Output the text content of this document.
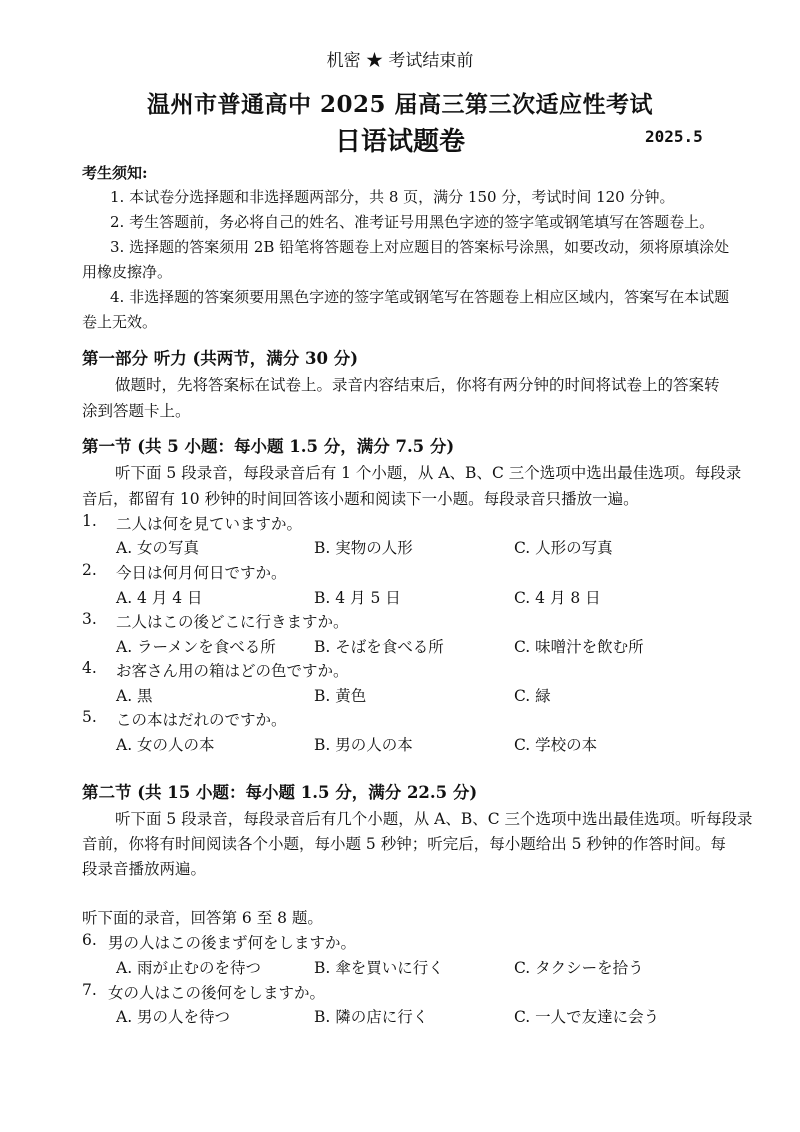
机密 ★ 考试结束前
温州市普通高中 2025 届高三第三次适应性考试
日语试题卷	2025.5
考生须知:
1. 本试卷分选择题和非选择题两部分，共 8 页，满分 150 分，考试时间 120 分钟。
2. 考生答题前，务必将自己的姓名、准考证号用黑色字迹的签字笔或钢笔填写在答题卷上。
3. 选择题的答案须用 2B 铅笔将答题卷上对应题目的答案标号涂黑，如要改动，须将原填涂处
用橡皮擦净。
4. 非选择题的答案须要用黑色字迹的签字笔或钢笔写在答题卷上相应区域内，答案写在本试题
卷上无效。
第一部分 听力 (共两节，满分 30 分)
做题时，先将答案标在试卷上。录音内容结束后，你将有两分钟的时间将试卷上的答案转
涂到答题卡上。
第一节 (共 5 小题：每小题 1.5 分，满分 7.5 分)
听下面 5 段录音，每段录音后有 1 个小题，从 A、B、C 三个选项中选出最佳选项。每段录
音后，都留有 10 秒钟的时间回答该小题和阅读下一小题。每段录音只播放一遍。
1. 二人は何を見ていますか。
A. 女の写真	B. 実物の人形	C. 人形の写真
2. 今日は何月何日ですか。
A. 4 月 4 日	B. 4 月 5 日	C. 4 月 8 日
3. 二人はこの後どこに行きますか。
A. ラーメンを食べる所 B. そばを食べる所	C. 味噌汁を飲む所
4. お客さん用の箱はどの色ですか。
A. 黒	B. 黄色	C. 緑
5. この本はだれのですか。
A. 女の人の本	B. 男の人の本	C. 学校の本
第二节 (共 15 小题：每小题 1.5 分，满分 22.5 分)
听下面 5 段录音，每段录音后有几个小题，从 A、B、C 三个选项中选出最佳选项。听每段录
音前，你将有时间阅读各个小题，每小题 5 秒钟；听完后，每小题给出 5 秒钟的作答时间。每
段录音播放两遍。
听下面的录音，回答第 6 至 8 题。
6. 男の人はこの後まず何をしますか。
A. 雨が止むのを待つ	B. 傘を買いに行く	C. タクシーを拾う
7. 女の人はこの後何をしますか。
A. 男の人を待つ	B. 隣の店に行く	C. 一人で友達に会う
